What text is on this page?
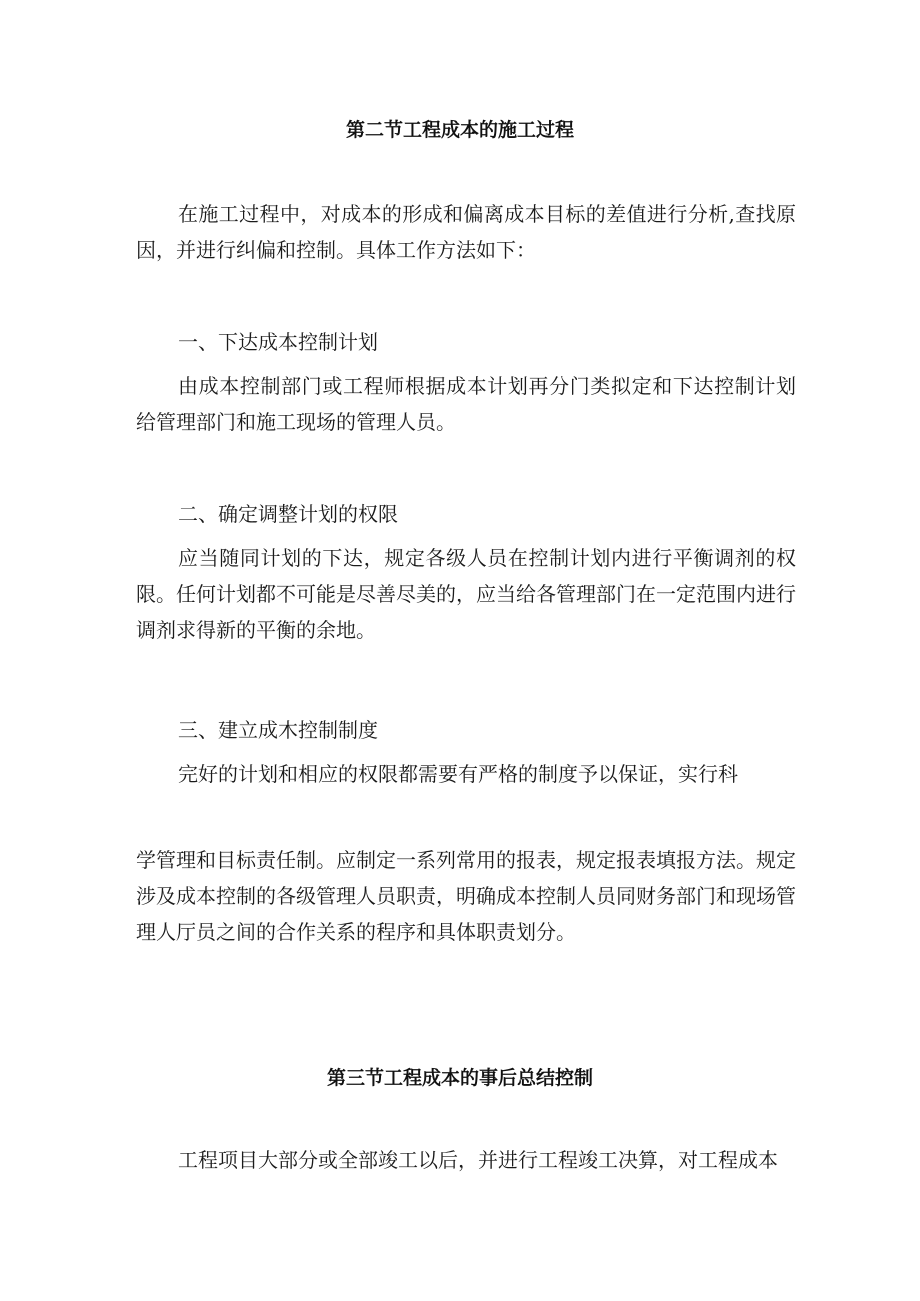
第二节工程成本的施工过程

在施工过程中，对成本的形成和偏离成本目标的差值进行分析,查找原因，并进行纠偏和控制。具体工作方法如下：

一、下达成本控制计划

由成本控制部门或工程师根据成本计划再分门类拟定和下达控制计划给管理部门和施工现场的管理人员。

二、确定调整计划的权限

应当随同计划的下达，规定各级人员在控制计划内进行平衡调剂的权限。任何计划都不可能是尽善尽美的，应当给各管理部门在一定范围内进行调剂求得新的平衡的余地。

三、建立成木控制制度

完好的计划和相应的权限都需要有严格的制度予以保证，实行科

学管理和目标责任制。应制定一系列常用的报表，规定报表填报方法。规定涉及成本控制的各级管理人员职责，明确成本控制人员同财务部门和现场管理人厅员之间的合作关系的程序和具体职责划分。

第三节工程成本的事后总结控制

工程项目大部分或全部竣工以后，并进行工程竣工决算，对工程成本
